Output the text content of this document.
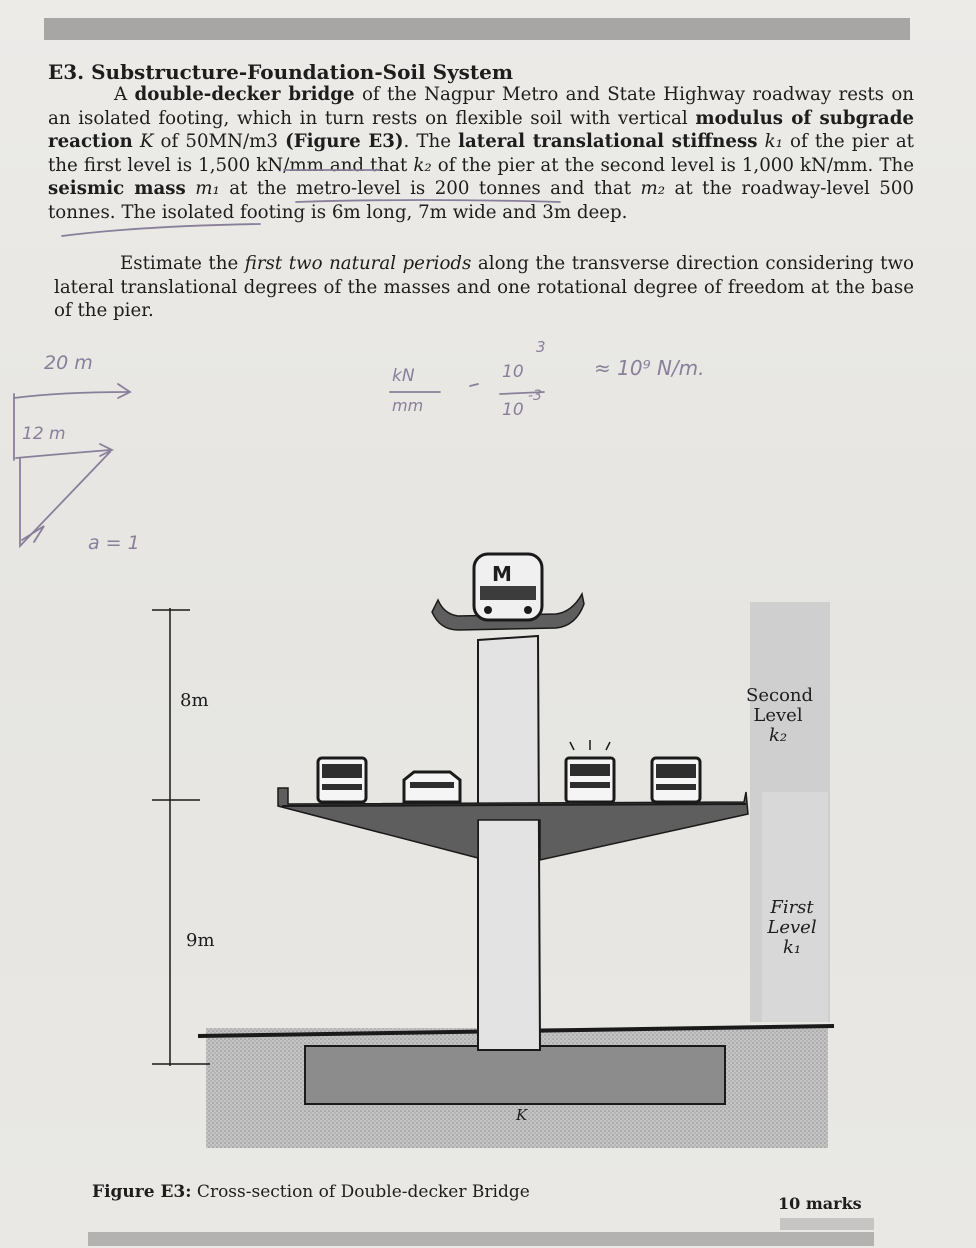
E3. Substructure-Foundation-Soil System
A double-decker bridge of the Nagpur Metro and State Highway roadway rests on an isolated footing, which in turn rests on flexible soil with vertical modulus of subgrade reaction K of 50MN/m3 (Figure E3). The lateral translational stiffness k₁ of the pier at the first level is 1,500 kN/mm and that k₂ of the pier at the second level is 1,000 kN/mm. The seismic mass m₁ at the metro-level is 200 tonnes and that m₂ at the roadway-level 500 tonnes. The isolated footing is 6m long, 7m wide and 3m deep.
Estimate the first two natural periods along the transverse direction considering two lateral translational degrees of the masses and one rotational degree of freedom at the base of the pier.
20 m
12 m
a = 1
kN
mm
10
3
10
-3
≈ 10⁹ N/m.
M
8m
9m
Second
Level
k₂
First
Level
k₁
K
Figure E3: Cross-section of Double-decker Bridge
10 marks
